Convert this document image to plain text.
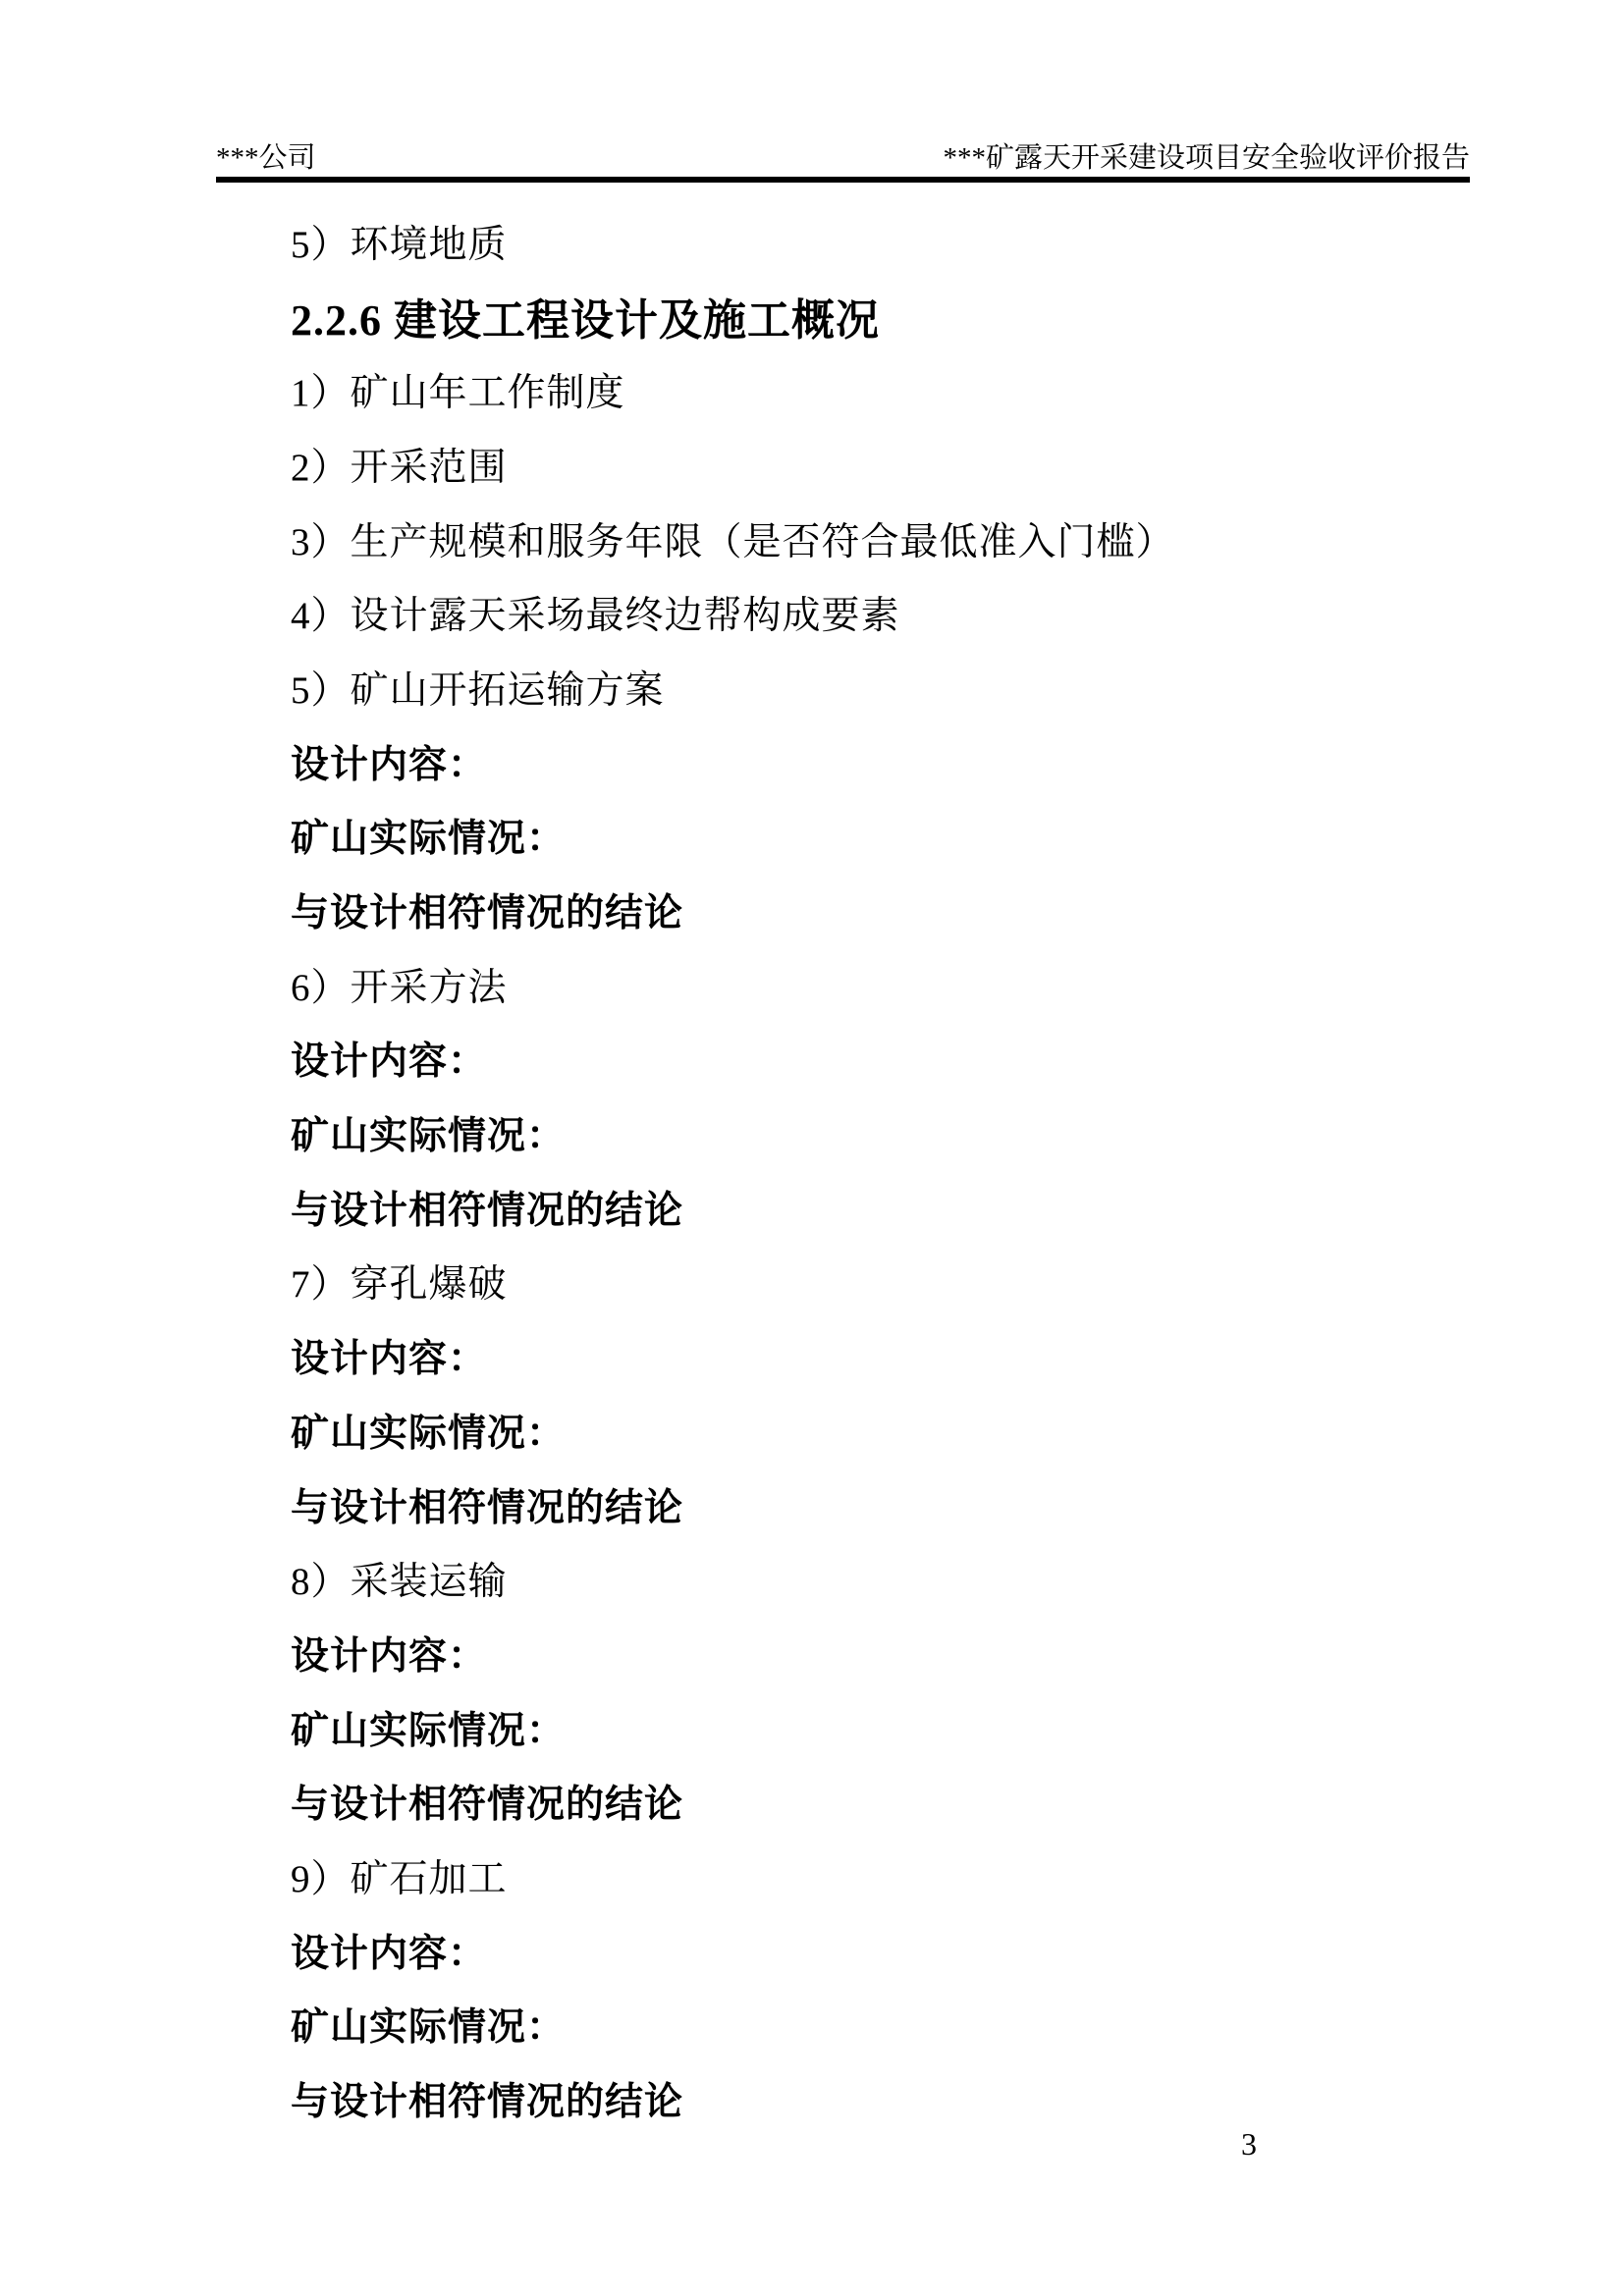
***公司	***矿露天开采建设项目安全验收评价报告
5）环境地质
2.2.6 建设工程设计及施工概况
1）矿山年工作制度
2）开采范围
3）生产规模和服务年限（是否符合最低准入门槛）
4）设计露天采场最终边帮构成要素
5）矿山开拓运输方案
设计内容：
矿山实际情况：
与设计相符情况的结论
6）开采方法
设计内容：
矿山实际情况：
与设计相符情况的结论
7）穿孔爆破
设计内容：
矿山实际情况：
与设计相符情况的结论
8）采装运输
设计内容：
矿山实际情况：
与设计相符情况的结论
9）矿石加工
设计内容：
矿山实际情况：
与设计相符情况的结论
3
